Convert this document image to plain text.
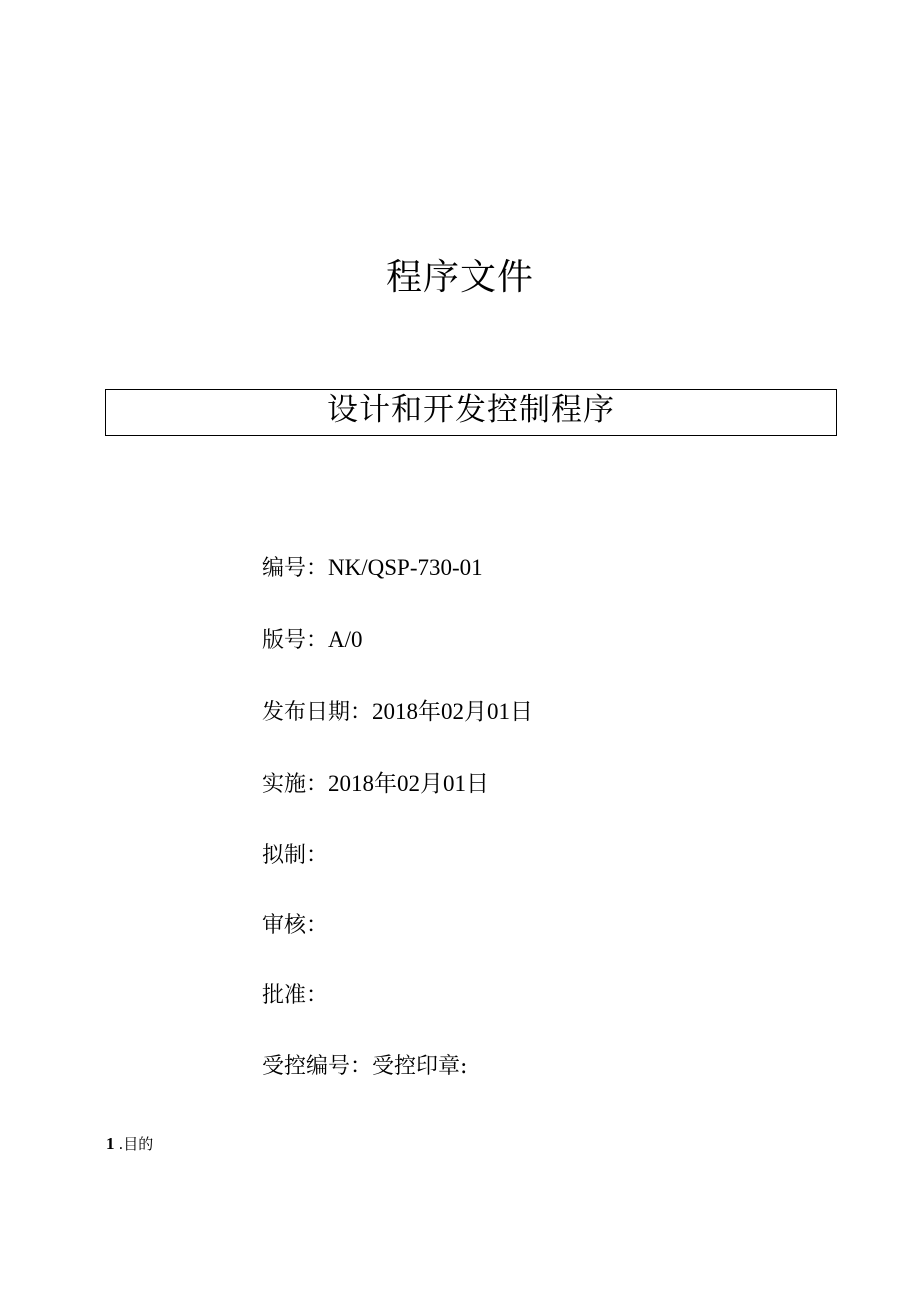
程序文件
设计和开发控制程序
编号：NK/QSP-730-01
版号：A/0
发布日期：2018年02月01日
实施：2018年02月01日
拟制：
审核：
批准：
受控编号：受控印章:
1 .目的
